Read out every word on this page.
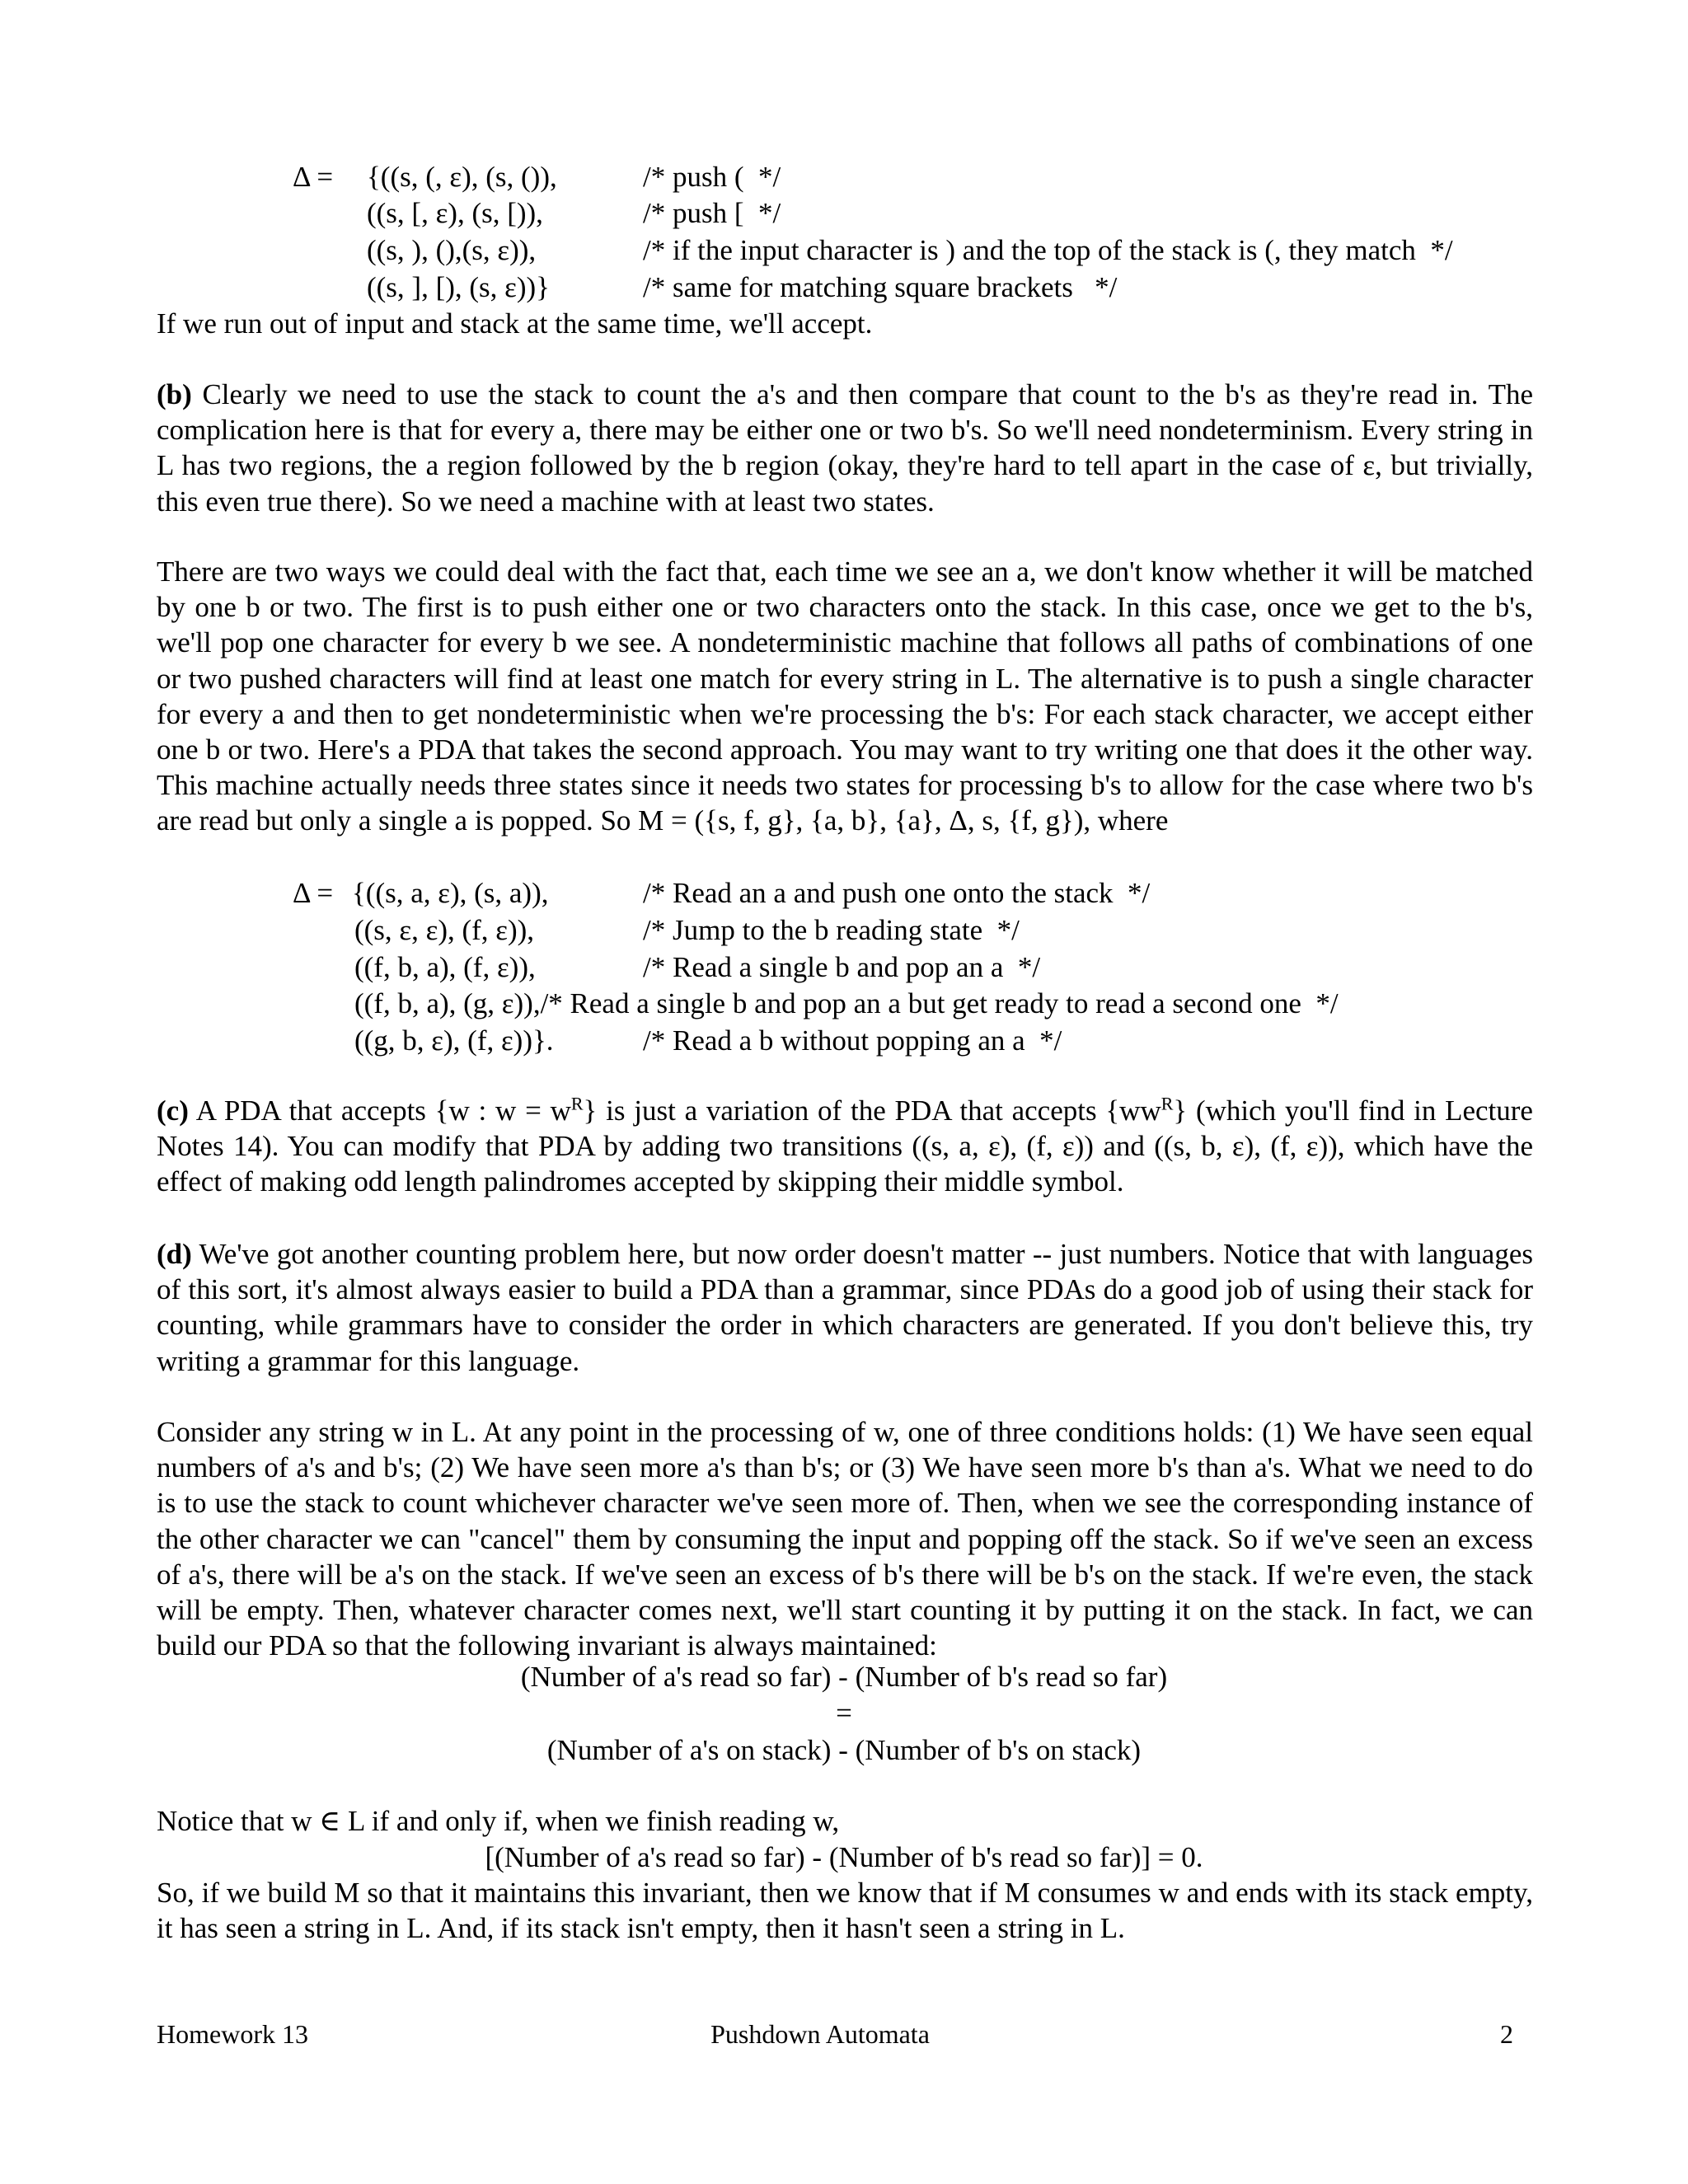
Δ = {((s, (, ε), (s, ()),	/* push (  */
((s, [, ε), (s, [)),	/* push [  */
((s, ), (),(s, ε)),	/* if the input character is ) and the top of the stack is (, they match  */
((s, ], [), (s, ε))}	/* same for matching square brackets   */
If we run out of input and stack at the same time, we'll accept.
(b) Clearly we need to use the stack to count the a's and then compare that count to the b's as they're read in. The complication here is that for every a, there may be either one or two b's. So we'll need nondeterminism. Every string in L has two regions, the a region followed by the b region (okay, they're hard to tell apart in the case of ε, but trivially, this even true there). So we need a machine with at least two states.
There are two ways we could deal with the fact that, each time we see an a, we don't know whether it will be matched by one b or two. The first is to push either one or two characters onto the stack. In this case, once we get to the b's, we'll pop one character for every b we see. A nondeterministic machine that follows all paths of combinations of one or two pushed characters will find at least one match for every string in L. The alternative is to push a single character for every a and then to get nondeterministic when we're processing the b's: For each stack character, we accept either one b or two. Here's a PDA that takes the second approach. You may want to try writing one that does it the other way. This machine actually needs three states since it needs two states for processing b's to allow for the case where two b's are read but only a single a is popped. So M = ({s, f, g}, {a, b}, {a}, Δ, s, {f, g}), where
Δ = {((s, a, ε), (s, a)),	/* Read an a and push one onto the stack  */
((s, ε, ε), (f, ε)),	/* Jump to the b reading state  */
((f, b, a), (f, ε)),	/* Read a single b and pop an a  */
((f, b, a), (g, ε)),/* Read a single b and pop an a but get ready to read a second one  */
((g, b, ε), (f, ε))}.	/* Read a b without popping an a  */
(c) A PDA that accepts {w : $w = w^R$} is just a variation of the PDA that accepts $\{ww^R\}$ (which you'll find in Lecture Notes 14). You can modify that PDA by adding two transitions ((s, a, ε), (f, ε)) and ((s, b, ε), (f, ε)), which have the effect of making odd length palindromes accepted by skipping their middle symbol.
(d) We've got another counting problem here, but now order doesn't matter -- just numbers. Notice that with languages of this sort, it's almost always easier to build a PDA than a grammar, since PDAs do a good job of using their stack for counting, while grammars have to consider the order in which characters are generated. If you don't believe this, try writing a grammar for this language.
Consider any string w in L. At any point in the processing of w, one of three conditions holds: (1) We have seen equal numbers of a's and b's; (2) We have seen more a's than b's; or (3) We have seen more b's than a's. What we need to do is to use the stack to count whichever character we've seen more of. Then, when we see the corresponding instance of the other character we can "cancel" them by consuming the input and popping off the stack. So if we've seen an excess of a's, there will be a's on the stack. If we've seen an excess of b's there will be b's on the stack. If we're even, the stack will be empty. Then, whatever character comes next, we'll start counting it by putting it on the stack. In fact, we can build our PDA so that the following invariant is always maintained:
(Number of a's read so far) - (Number of b's read so far)
=
(Number of a's on stack) - (Number of b's on stack)
Notice that w ∈ L if and only if, when we finish reading w,
[(Number of a's read so far) - (Number of b's read so far)] = 0.
So, if we build M so that it maintains this invariant, then we know that if M consumes w and ends with its stack empty, it has seen a string in L. And, if its stack isn't empty, then it hasn't seen a string in L.
Homework 13	Pushdown Automata	2
